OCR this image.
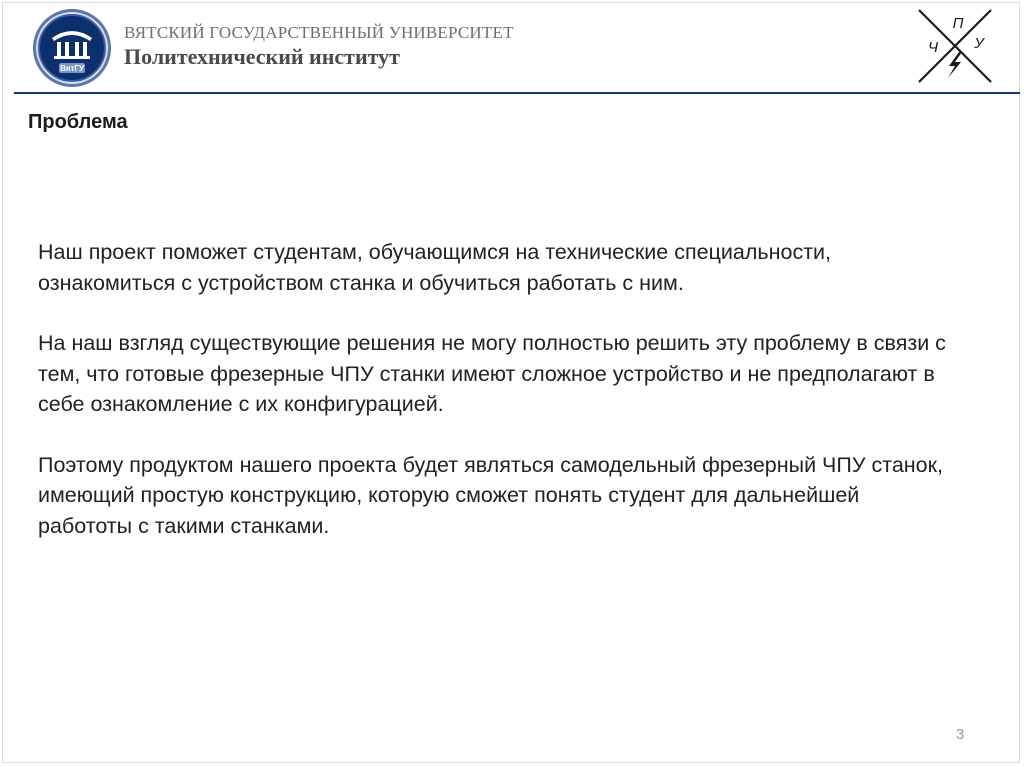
ВятГУ
ВЯТСКИЙ ГОСУДАРСТВЕННЫЙ УНИВЕРСИТЕТ
Политехнический институт
П
Ч У
Проблема

Наш проект поможет студентам, обучающимся на технические специальности, ознакомиться с устройством станка и обучиться работать с ним.

На наш взгляд существующие решения не могу полностью решить эту проблему в связи с тем, что готовые фрезерные ЧПУ станки имеют сложное устройство и не предполагают в себе ознакомление с их конфигурацией.

Поэтому продуктом нашего проекта будет являться самодельный фрезерный ЧПУ станок, имеющий простую конструкцию, которую сможет понять студент для дальнейшей работоты с такими станками.

3
